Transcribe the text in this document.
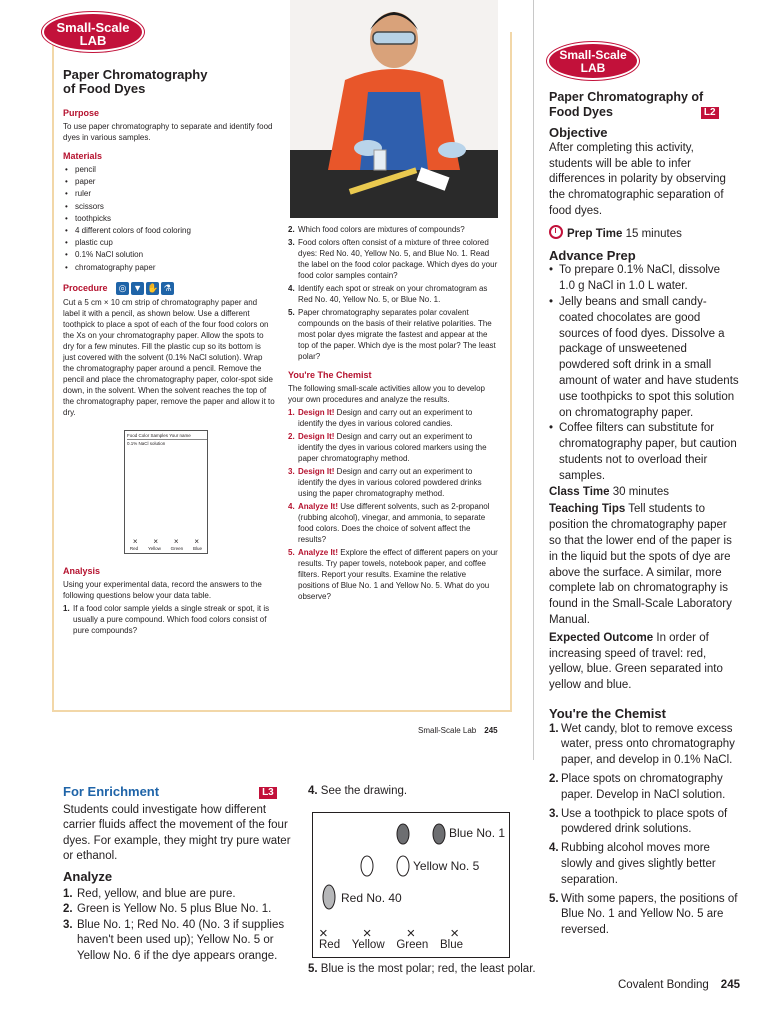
Small-Scale
LAB
Paper Chromatography
of Food Dyes
Purpose

To use paper chromatography to separate and identify food dyes in various samples.

Materials
• pencil
• paper
• ruler
• scissors
• toothpicks
• 4 different colors of food coloring
• plastic cup
• 0.1% NaCl solution
• chromatography paper
Procedure ◎ ▼ ✋ ⚗

Cut a 5 cm × 10 cm strip of chromatography paper and label it with a pencil, as shown below. Use a different toothpick to place a spot of each of the four food colors on the Xs on your chromatography paper. Allow the spots to dry for a few minutes. Fill the plastic cup so its bottom is just covered with the solvent (0.1% NaCl solution). Wrap the chromatography paper around a pencil. Remove the pencil and place the chromatography paper, color-spot side down, in the solvent. When the solvent reaches the top of the chromatography paper, remove the paper and allow it to dry.

Food Color Samples Your name
0.1% NaCl solution
× × × ×
Red Yellow Green Blue
Analysis

Using your experimental data, record the answers to the following questions below your data table.

1. If a food color sample yields a single streak or spot, it is usually a pure compound. Which food colors consist of pure compounds?
2. Which food colors are mixtures of compounds?
3. Food colors often consist of a mixture of three colored dyes: Red No. 40, Yellow No. 5, and Blue No. 1. Read the label on the food color package. Which dyes do your food color samples contain?
4. Identify each spot or streak on your chromatogram as Red No. 40, Yellow No. 5, or Blue No. 1.
5. Paper chromatography separates polar covalent compounds on the basis of their relative polarities. The most polar dyes migrate the fastest and appear at the top of the paper. Which dye is the most polar? The least polar?
You're The Chemist

The following small-scale activities allow you to develop your own procedures and analyze the results.

1. Design It! Design and carry out an experiment to identify the dyes in various colored candies.
2. Design It! Design and carry out an experiment to identify the dyes in various colored markers using the paper chromatography method.
3. Design It! Design and carry out an experiment to identify the dyes in various colored powdered drinks using the paper chromatography method.
4. Analyze It! Use different solvents, such as 2-propanol (rubbing alcohol), vinegar, and ammonia, to separate food colors. Does the choice of solvent affect the results?
5. Analyze It! Explore the effect of different papers on your results. Try paper towels, notebook paper, and coffee filters. Report your results. Examine the relative positions of Blue No. 1 and Yellow No. 5. What do you observe?
Small-Scale Lab 245
Small-Scale
LAB
Paper Chromatography of
Food Dyes	L2
Objective
After completing this activity, students will be able to infer differences in polarity by observing the chromatographic separation of food dyes.
Prep Time 15 minutes
Advance Prep
• To prepare 0.1% NaCl, dissolve 1.0 g NaCl in 1.0 L water.
• Jelly beans and small candy-coated chocolates are good sources of food dyes. Dissolve a package of unsweetened powdered soft drink in a small amount of water and have students use toothpicks to spot this solution on chromatography paper.
• Coffee filters can substitute for chromatography paper, but caution students not to overload their samples.
Class Time 30 minutes
Teaching Tips Tell students to position the chromatography paper so that the lower end of the paper is in the liquid but the spots of dye are above the surface. A similar, more complete lab on chromatography is found in the Small-Scale Laboratory Manual.
Expected Outcome In order of increasing speed of travel: red, yellow, blue. Green separated into yellow and blue.
You're the Chemist
1. Wet candy, blot to remove excess water, press onto chromatography paper, and develop in 0.1% NaCl.
2. Place spots on chromatography paper. Develop in NaCl solution.
3. Use a toothpick to place spots of powdered drink solutions.
4. Rubbing alcohol moves more slowly and gives slightly better separation.
5. With some papers, the positions of Blue No. 1 and Yellow No. 5 are reversed.
For Enrichment	L3
Students could investigate how different carrier fluids affect the movement of the four dyes. For example, they might try pure water or ethanol.
Analyze
1. Red, yellow, and blue are pure.
2. Green is Yellow No. 5 plus Blue No. 1.
3. Blue No. 1; Red No. 40 (No. 3 if supplies haven't been used up); Yellow No. 5 or Yellow No. 6 if the dye appears orange.
4. See the drawing.
Blue No. 1
Yellow No. 5
Red No. 40
× × × ×
Red Yellow Green Blue
5. Blue is the most polar; red, the least polar.
Covalent Bonding 245
